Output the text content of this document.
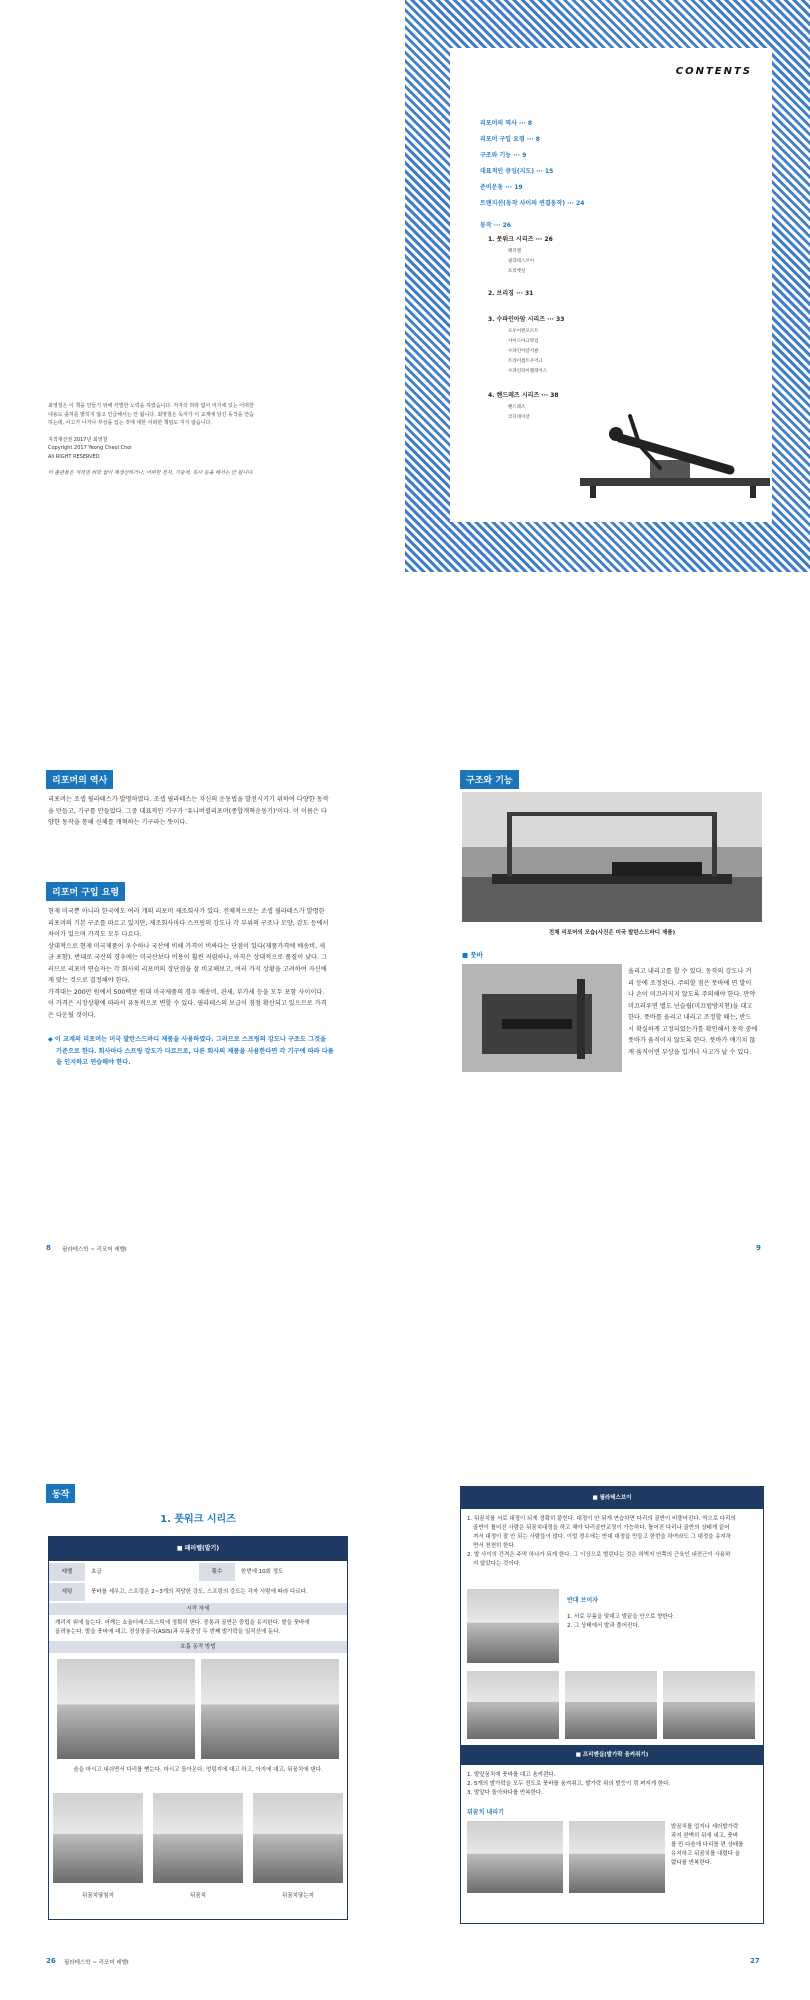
CONTENTS
리포머의 역사 ··· 8
리포머 구입 요령 ··· 8
구조와 기능 ··· 9
대표적인 큐잉(지도) ··· 15
준비운동 ··· 19
트랜지션(동작 사이의 연결동작) ··· 24
동작 ··· 26
1. 풋워크 시리즈 ··· 26
패러렐
필라테스브이
프리헷실
2. 브리징 ··· 31
3. 수파인아암 시리즈 ··· 33
포우어엔포르트
사이드아크락업
수파인아암서클
트라이셉트우어크
수파인라이펠레이스
4. 핸드레즈 시리즈 ··· 38
핸드레즈
코디네이션
최영철은 이 책을 만들기 위해 각별한 노력을 하였습니다. 저자의 허락 없이 여기에 있는 어떠한
내용도 출처를 밝히지 않고 인급해서는 안 됩니다. 최영철은 독자가 이 교재에 담긴 동작을 연습
하는데, 사고가 나거나 부상을 입는 것에 대한 어떠한 책임도 지지 않습니다.
지적재산권 2017년 최영철
Copyright 2017 Yeong Cheol Choi
All RIGHT RESERVED
이 출판물은 저작권 허락 없이 재생산하거나, 어떠한 전자, 기술적, 복사 등을 해서는 안 됩니다.
리포머의 역사
리포머는 조셉 필라테스가 발명하였다. 조셉 필라테스는 자신의 운동법을 발전시키기 위하여 다양한 동작
을 만들고, 기구를 만들었다. 그중 대표적인 기구가 '유니버셜리포머(종합개혁운동기)'이다. 이 이름은 다
양한 동작을 통해 신체를 개혁하는 기구라는 뜻이다.
리포머 구입 요령
현재 미국뿐 아니라 한국에도 여러 개의 리포머 제조회사가 있다. 전체적으로는 조셉 필라테스가 발명한
리포머의 기본 구조를 따르고 있지만, 제조회사마다 스프링의 강도나 각 부위의 구조나 모양, 감도 등에서
차이가 있으며 가격도 모두 다르다.
상대적으로 현재 미국제품이 우수하나 국산에 비해 가격이 비싸다는 단점이 있다(제품가격에 배송비, 세
금 포함). 반대로 국산의 경우에는 미국산보다 비용이 훨씬 저렴하나, 아직은 상대적으로 품질이 낮다. 그
러므로 리포머 연습자는 각 회사의 리포머의 장단점을 잘 비교해보고, 여러 가지 상황을 고려하여 자신에
게 맞는 것으로 결정해야 한다.
가격대는 200만 원에서 500백만 원대 미국제품의 경우 배송비, 관세, 부가세 등을 모두 포함 사이이다.
이 가격은 시장상황에 따라서 유동적으로 변할 수 있다. 필라테스의 보급이 점점 확산되고 있으므로 가격
은 다운될 것이다.
◆ 이 교재의 리포머는 미국 발란스드바디 제품을 사용하였다. 그러므로 스프링의 강도나 구조도 그것을
기준으로 한다. 회사마다 스프링 강도가 다르므로, 다른 회사의 제품을 사용한다면 각 기구에 따라 다름
을 인지하고 연습해야 한다.
8 필라테스학 ~ 리포머 레벨I
구조와 기능
전체 리포머의 모습(사진은 미국 발란스드바디 제품)
■ 풋바
올리고 내리고를 할 수 있다. 동작의 강도나 거
리 등에 조정된다. 주의할 점은 풋바에 면 발이
나 손이 미끄러지지 않도록 주의해야 한다. 만약
미끄러우면 별도 넌슬립(미끄럼방지천)을 대고
한다. 풋바를 올리고 내리고 조정할 때는, 반드
시 확실하게 고정되었는가를 확인해서 동작 중에
풋바가 움직이지 않도록 한다. 풋바가 얘기치 않
게 움직이면 부상을 입거나 사고가 날 수 있다.
9
동작
1. 풋워크 시리즈
■ 패러렐(발기)
레벨	초급	횟수	한번에 10회 정도
세팅	풋바를 세우고, 스프링은 2~3개의 적당한 강도, 스프링의 강도는 각자 사람에 따라 다르다.
시작 자세
캐리지 위에 눕는다. 어깨는 쇼울더레스트스틱에 정확히 댄다. 중통과 골반은 중립을 유지한다. 발을 풋바에
올려놓는다. 발을 풋바에 대고, 전상장골극(ASIS)과 무릎중앙 두 번째 발가락을 일직선에 둔다.
호흡 동작 방법
숨을 마시고 내쉬면서 다리를 뻗는다. 마시고 돌아온다. 엉덩지에 대고 하고, 아지에 대고, 뒤꿈치에 댄다.
뒤꿈치닿침지	뒤꿈치	뒤꿈치닿는지
26 필라테스학 ~ 리포머 레벨I
■ 필라테스브이
1. 뒤꿈치를 서로 대정이 되게 정확히 붙힌다. 대정이 안 되게 연습하면 다리의 골반이 비뚤어진다. 역으로 다리의
골반이 틀어진 사람은 뒤꿈치대정을 하고 해야 다리골반교정이 가능하다. 틀어진 다리나 골반의 상태게 끝어
져서 대정이 잘 안 되는 사람들이 많다. 이럴 경우에는 반대 대정을 만들고 한번을 하여라도 그 대정을 유지하
면서 천천히 한다.
2. 발 사이의 간격은 주먹 하나가 되게 한다. 그 이상으로 벌린다는 것은 허벅지 안쪽의 근육인 내전근이 사용하
지 않았다는 것이다.
반대 브이자
1. 서로 무릎을 맞대고 발끝을 안으로 향한다.
2. 그 상태에서 발과 풀어진다.
■ 프리헨실(발가락 움켜쥐기)
1. 발앞꿈치에 풋바를 대고 움켜쥔다.
2. 5개의 발가락을 모두 전도로 풋바를 움켜쥐고, 발가락 위의 발등이 꺾 펴지게 한다.
3. 발앞다 돌아와다를 반복한다.
뒤꿈치 내리기
발꿈치를 업지나 세러발가락
과지 완벽히 뒤에 대고, 풋바
를 민 다음에 다리를 편 상태를
유지하고 뒤꿈치를 내렸다 올
렸다를 반복한다.
27
